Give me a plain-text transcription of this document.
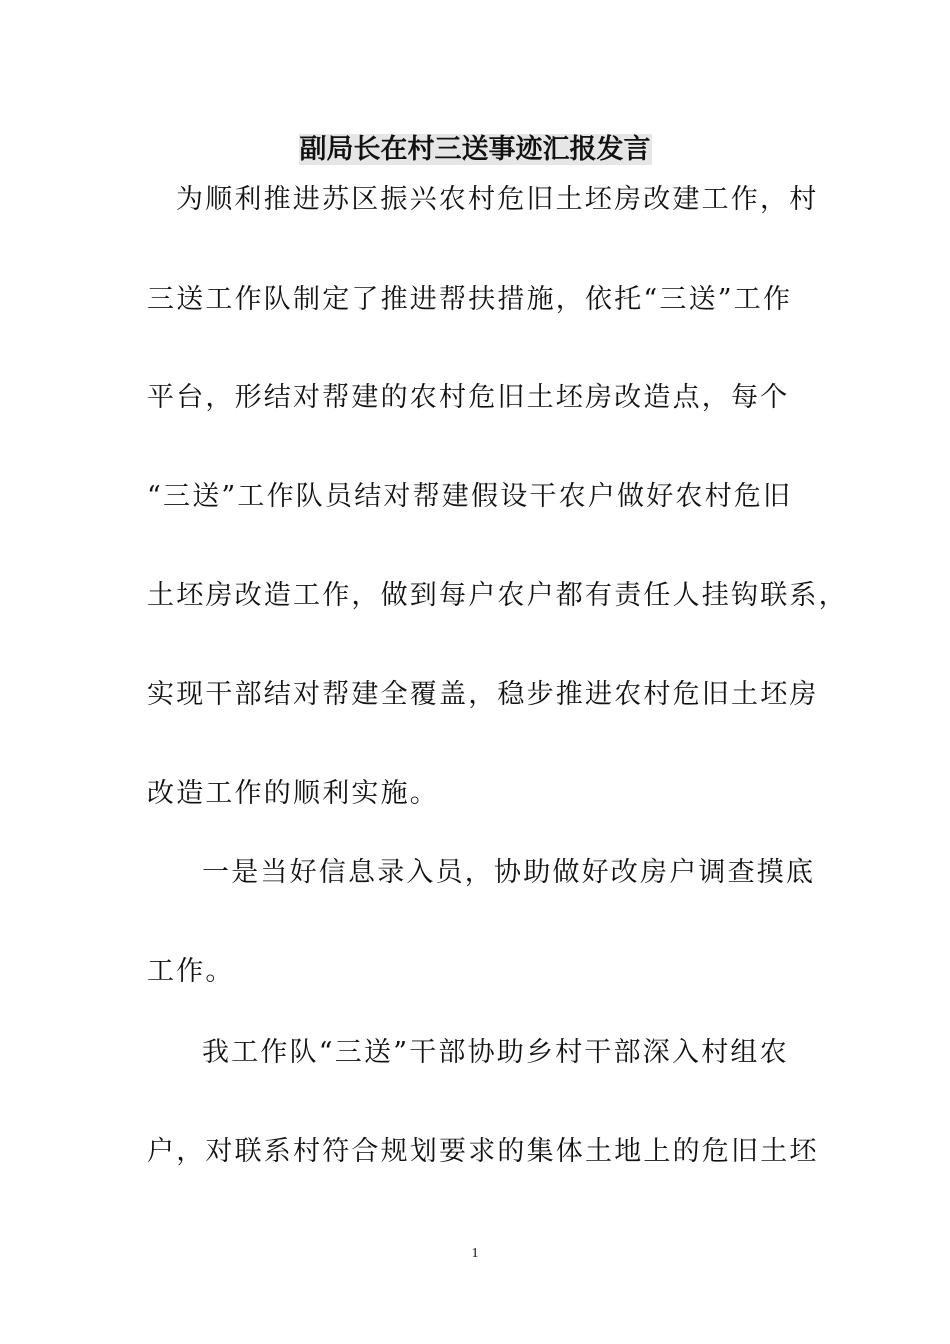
副局长在村三送事迹汇报发言
为顺利推进苏区振兴农村危旧土坯房改建工作，村
三送工作队制定了推进帮扶措施，依托“三送”工作
平台，形结对帮建的农村危旧土坯房改造点，每个
“三送”工作队员结对帮建假设干农户做好农村危旧
土坯房改造工作，做到每户农户都有责任人挂钩联系，
实现干部结对帮建全覆盖，稳步推进农村危旧土坯房
改造工作的顺利实施。
一是当好信息录入员，协助做好改房户调查摸底
工作。
我工作队“三送”干部协助乡村干部深入村组农
户，对联系村符合规划要求的集体土地上的危旧土坯
1
